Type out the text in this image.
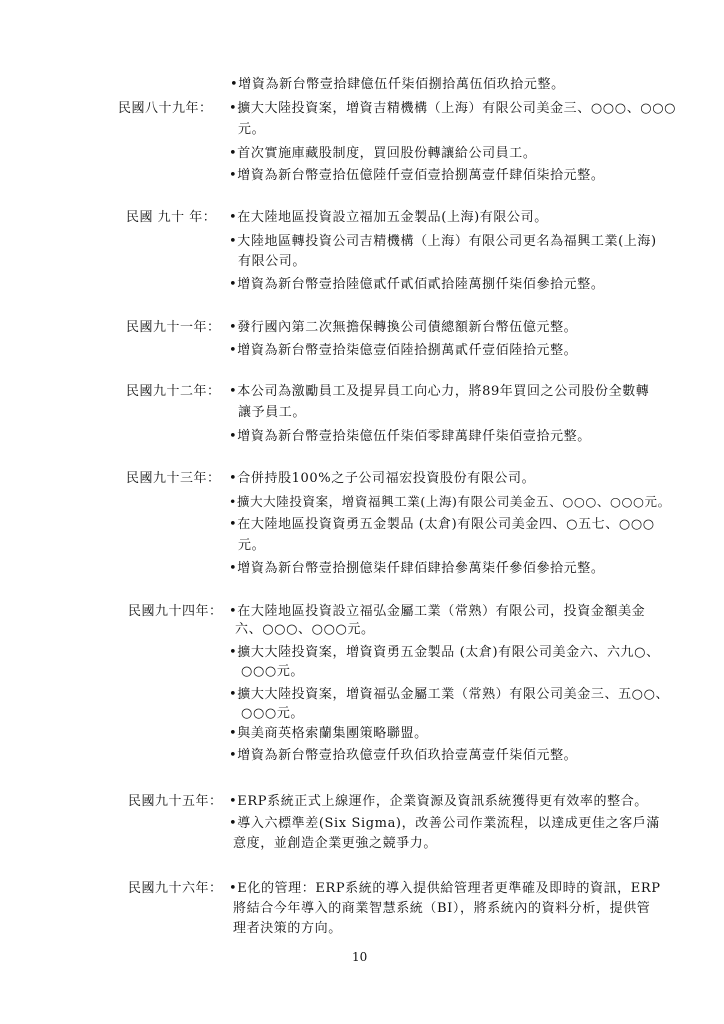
•增資為新台幣壹拾肆億伍仟柒佰捌拾萬伍佰玖拾元整。
民國八十九年： •擴大大陸投資案，增資吉精機構（上海）有限公司美金三、○○○、○○○
元。
•首次實施庫藏股制度，買回股份轉讓給公司員工。
•增資為新台幣壹拾伍億陸仟壹佰壹拾捌萬壹仟肆佰柒拾元整。
民國 九十 年： •在大陸地區投資設立福加五金製品(上海)有限公司。
•大陸地區轉投資公司吉精機構（上海）有限公司更名為福興工業(上海)
有限公司。
•增資為新台幣壹拾陸億貳仟貳佰貳拾陸萬捌仟柒佰參拾元整。
民國九十一年： •發行國內第二次無擔保轉換公司債總額新台幣伍億元整。
•增資為新台幣壹拾柒億壹佰陸拾捌萬貳仟壹佰陸拾元整。
民國九十二年： •本公司為激勵員工及提昇員工向心力，將89年買回之公司股份全數轉
讓予員工。
•增資為新台幣壹拾柒億伍仟柒佰零肆萬肆仟柒佰壹拾元整。
民國九十三年： •合併持股100%之子公司福宏投資股份有限公司。
•擴大大陸投資案，增資福興工業(上海)有限公司美金五、○○○、○○○元。
•在大陸地區投資資勇五金製品 (太倉)有限公司美金四、○五七、○○○
元。
•增資為新台幣壹拾捌億柒仟肆佰肆拾參萬柒仟參佰參拾元整。
民國九十四年： •在大陸地區投資設立福弘金屬工業（常熟）有限公司，投資金額美金
六、○○○、○○○元。
•擴大大陸投資案，增資資勇五金製品 (太倉)有限公司美金六、六九○、
○○○元。
•擴大大陸投資案，增資福弘金屬工業（常熟）有限公司美金三、五○○、
○○○元。
•與美商英格索蘭集團策略聯盟。
•增資為新台幣壹拾玖億壹仟玖佰玖拾壹萬壹仟柒佰元整。
民國九十五年： •ERP系統正式上線運作，企業資源及資訊系統獲得更有效率的整合。
•導入六標準差(Six Sigma)，改善公司作業流程，以達成更佳之客戶滿
意度，並創造企業更強之競爭力。
民國九十六年： •E化的管理：ERP系統的導入提供給管理者更準確及即時的資訊，ERP
將結合今年導入的商業智慧系統（BI），將系統內的資料分析，提供管
理者決策的方向。
10
